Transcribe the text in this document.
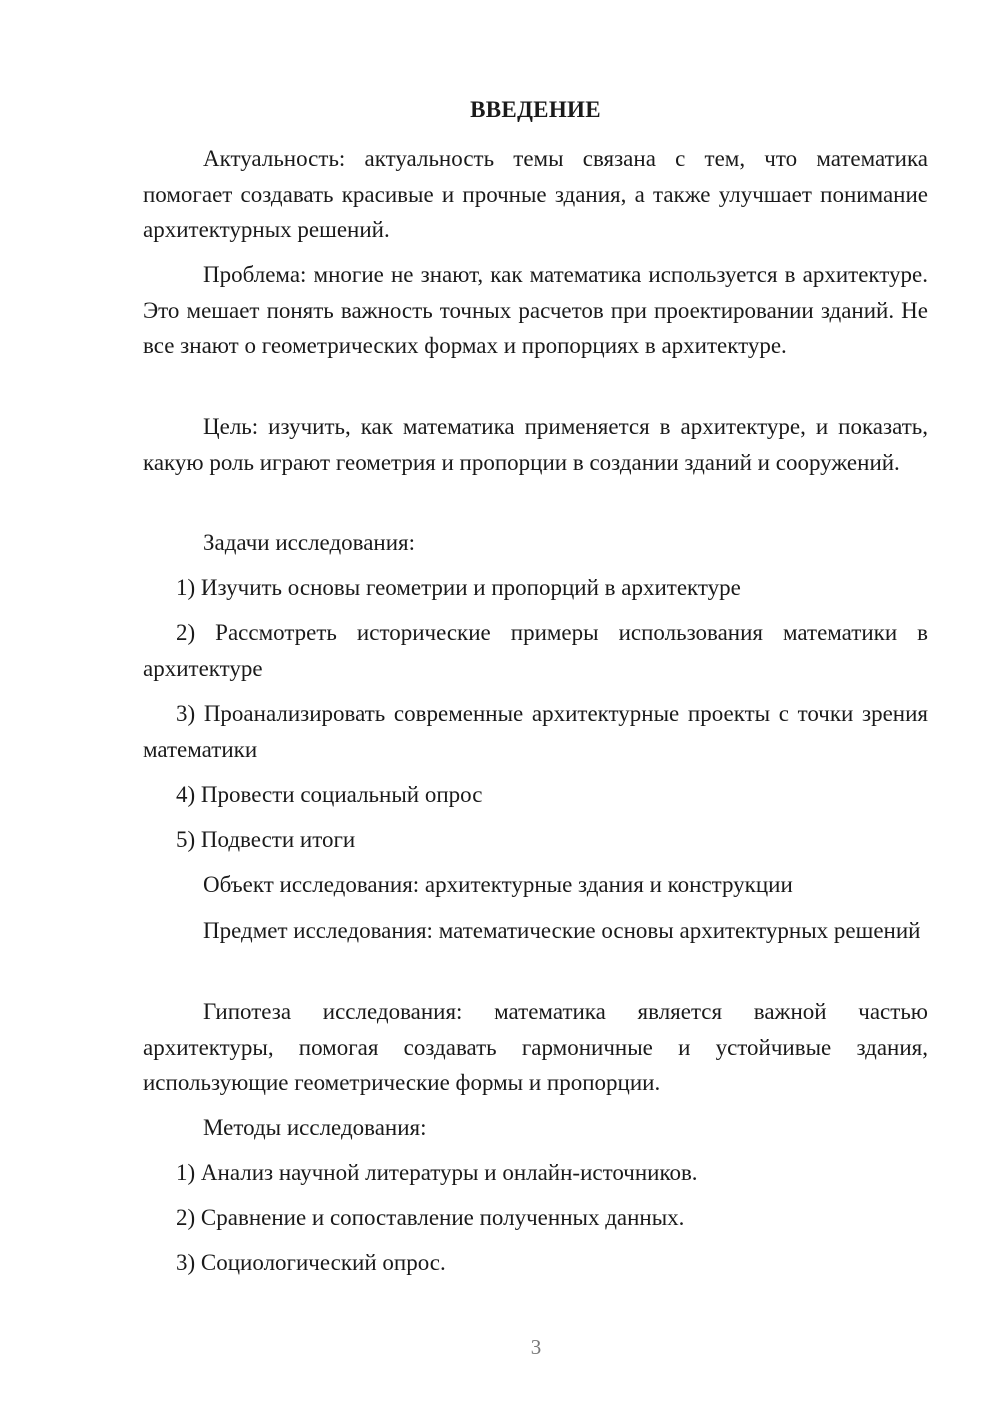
ВВЕДЕНИЕ
Актуальность: актуальность темы связана с тем, что математика помогает создавать красивые и прочные здания, а также улучшает понимание архитектурных решений.
Проблема: многие не знают, как математика используется в архитектуре. Это мешает понять важность точных расчетов при проектировании зданий. Не все знают о геометрических формах и пропорциях в архитектуре.
Цель: изучить, как математика применяется в архитектуре, и показать, какую роль играют геометрия и пропорции в создании зданий и сооружений.
Задачи исследования:
1) Изучить основы геометрии и пропорций в архитектуре
2) Рассмотреть исторические примеры использования математики в архитектуре
3) Проанализировать современные архитектурные проекты с точки зрения математики
4) Провести социальный опрос
5) Подвести итоги
Объект исследования: архитектурные здания и конструкции
Предмет исследования: математические основы архитектурных решений
Гипотеза исследования: математика является важной частью архитектуры, помогая создавать гармоничные и устойчивые здания, использующие геометрические формы и пропорции.
Методы исследования:
1) Анализ научной литературы и онлайн-источников.
2) Сравнение и сопоставление полученных данных.
3) Социологический опрос.
3
